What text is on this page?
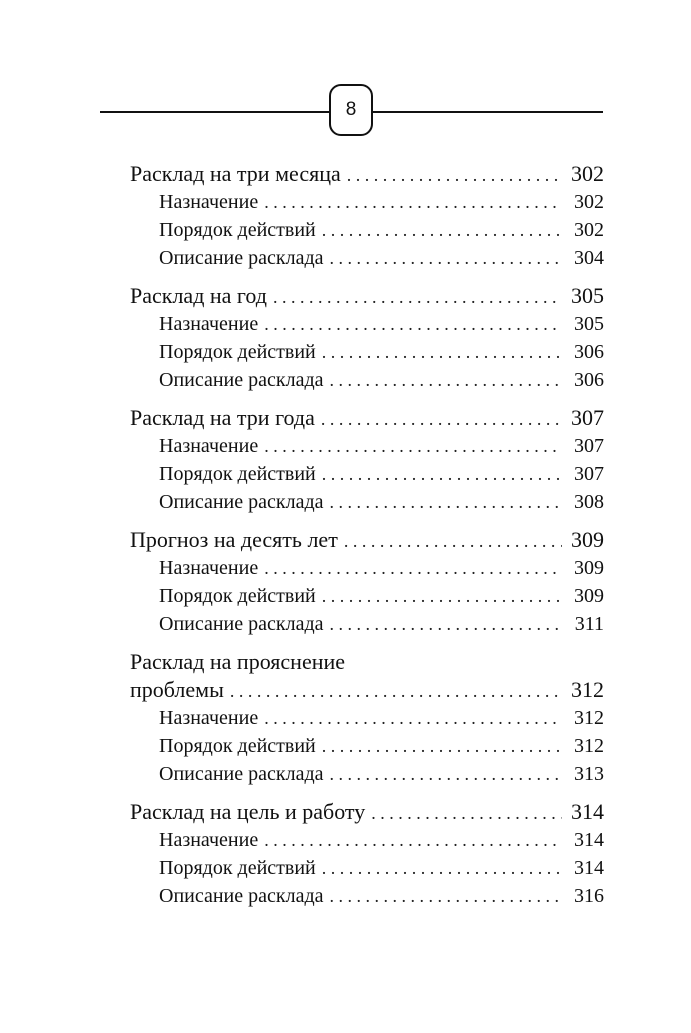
8
Расклад на три месяца . . .	302
Назначение . . .	302
Порядок действий . . .	302
Описание расклада . . .	304
Расклад на год . . .	305
Назначение . . .	305
Порядок действий . . .	306
Описание расклада . . .	306
Расклад на три года . . .	307
Назначение . . .	307
Порядок действий . . .	307
Описание расклада . . .	308
Прогноз на десять лет . . .	309
Назначение . . .	309
Порядок действий . . .	309
Описание расклада . . .	311
Расклад на прояснение
проблемы . . .	312
Назначение . . .	312
Порядок действий . . .	312
Описание расклада . . .	313
Расклад на цель и работу . . .	314
Назначение . . .	314
Порядок действий . . .	314
Описание расклада . . .	316
